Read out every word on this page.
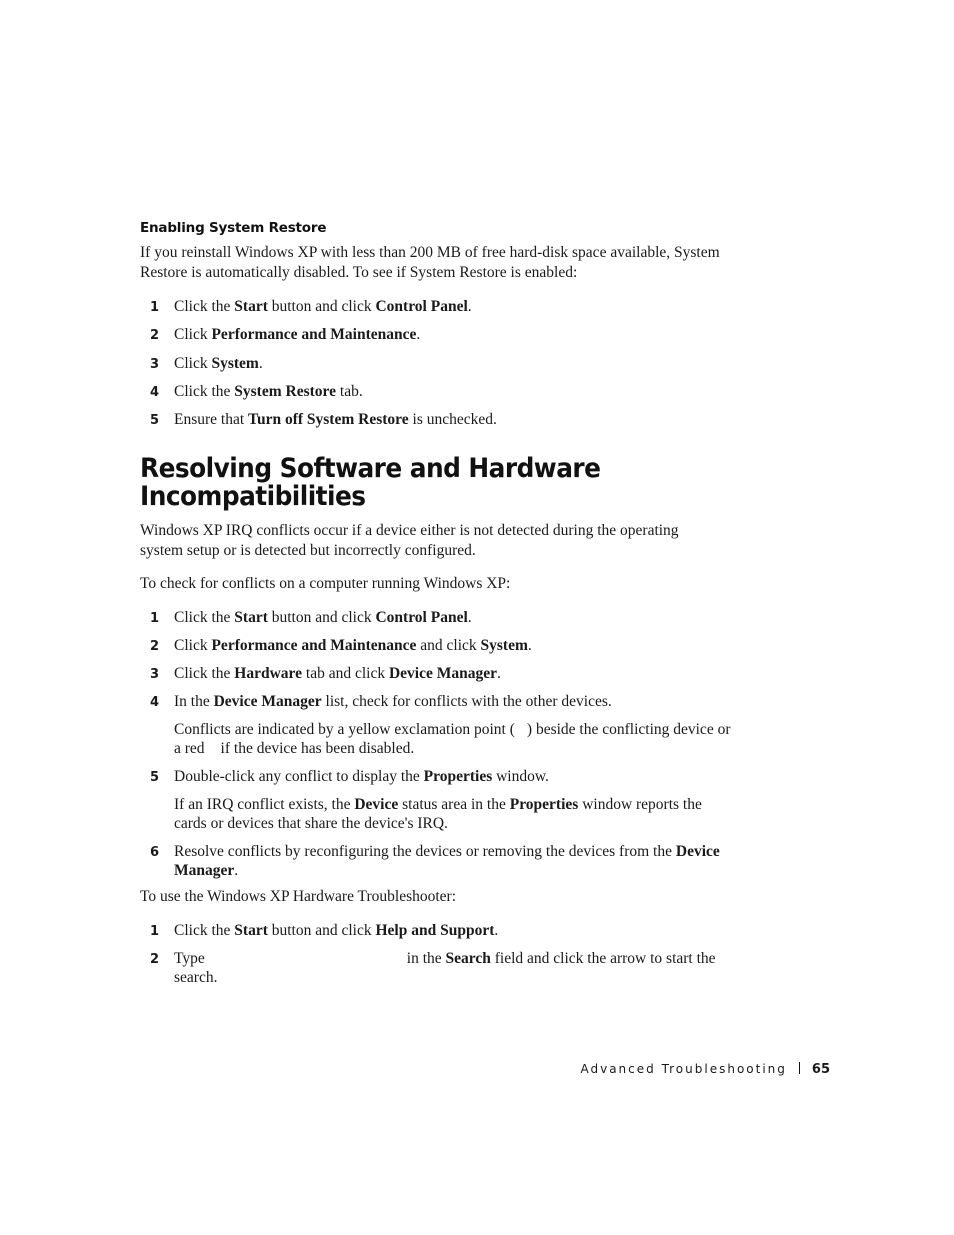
Enabling System Restore
If you reinstall Windows XP with less than 200 MB of free hard-disk space available, System Restore is automatically disabled. To see if System Restore is enabled:
1 Click the Start button and click Control Panel.
2 Click Performance and Maintenance.
3 Click System.
4 Click the System Restore tab.
5 Ensure that Turn off System Restore is unchecked.
Resolving Software and Hardware
Incompatibilities
Windows XP IRQ conflicts occur if a device either is not detected during the operating system setup or is detected but incorrectly configured.
To check for conflicts on a computer running Windows XP:
1 Click the Start button and click Control Panel.
2 Click Performance and Maintenance and click System.
3 Click the Hardware tab and click Device Manager.
4 In the Device Manager list, check for conflicts with the other devices.
Conflicts are indicated by a yellow exclamation point ( ) beside the conflicting device or a red if the device has been disabled.
5 Double-click any conflict to display the Properties window.
If an IRQ conflict exists, the Device status area in the Properties window reports the cards or devices that share the device's IRQ.
6 Resolve conflicts by reconfiguring the devices or removing the devices from the Device Manager.
To use the Windows XP Hardware Troubleshooter:
1 Click the Start button and click Help and Support.
2 Type	in the Search field and click the arrow to start the search.
Advanced Troubleshooting 65
